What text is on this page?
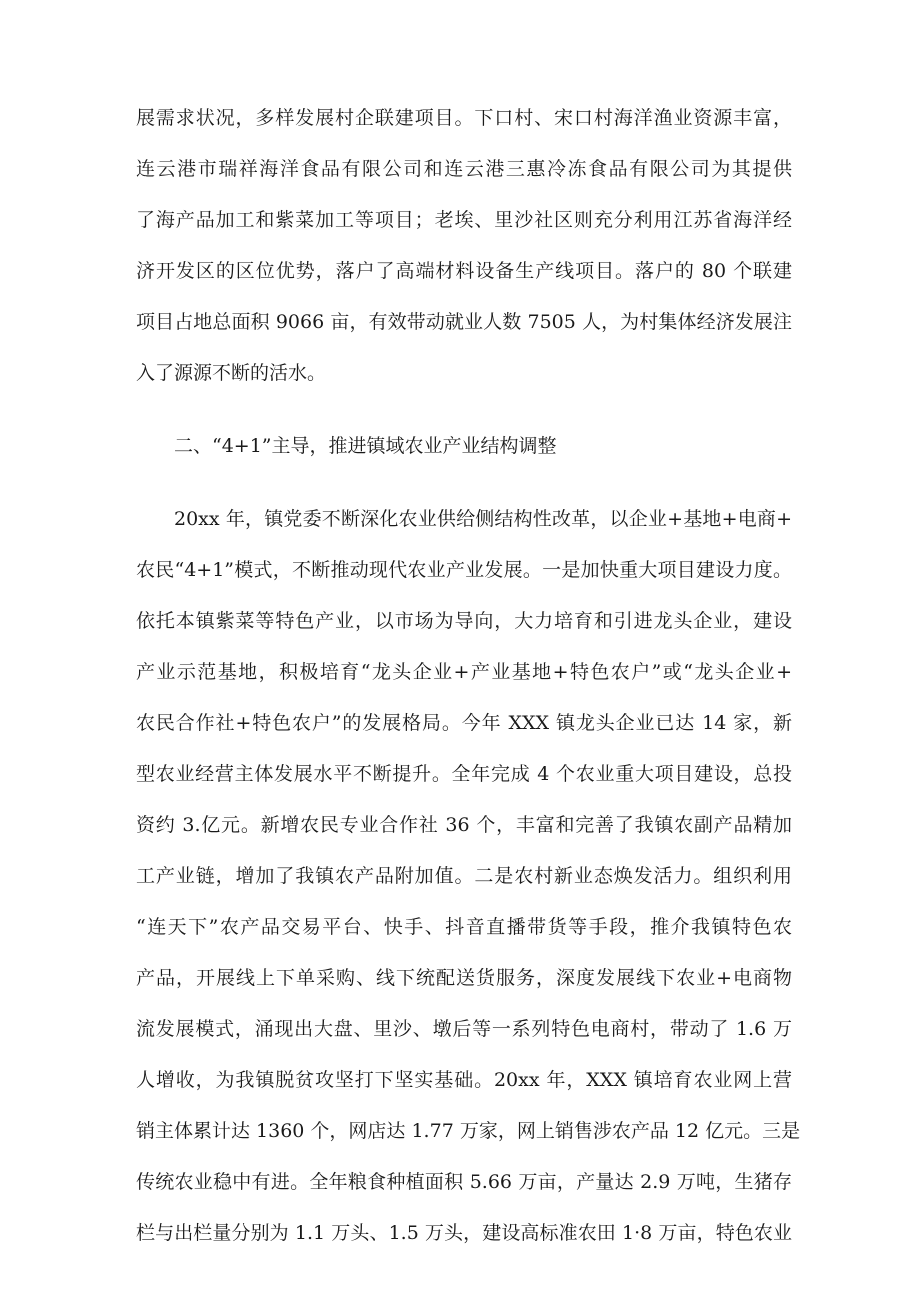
展需求状况，多样发展村企联建项目。下口村、宋口村海洋渔业资源丰富，
连云港市瑞祥海洋食品有限公司和连云港三惠冷冻食品有限公司为其提供
了海产品加工和紫菜加工等项目；老埃、里沙社区则充分利用江苏省海洋经
济开发区的区位优势，落户了高端材料设备生产线项目。落户的 80 个联建
项目占地总面积 9066 亩，有效带动就业人数 7505 人，为村集体经济发展注
入了源源不断的活水。
二、“4+1”主导，推进镇域农业产业结构调整
20xx 年，镇党委不断深化农业供给侧结构性改革，以企业+基地+电商+
农民“4+1”模式，不断推动现代农业产业发展。一是加快重大项目建设力度。
依托本镇紫菜等特色产业，以市场为导向，大力培育和引进龙头企业，建设
产业示范基地，积极培育“龙头企业+产业基地+特色农户”或“龙头企业+
农民合作社+特色农户”的发展格局。今年 XXX 镇龙头企业已达 14 家，新
型农业经营主体发展水平不断提升。全年完成 4 个农业重大项目建设，总投
资约 3.亿元。新增农民专业合作社 36 个，丰富和完善了我镇农副产品精加
工产业链，增加了我镇农产品附加值。二是农村新业态焕发活力。组织利用
“连天下”农产品交易平台、快手、抖音直播带货等手段，推介我镇特色农
产品，开展线上下单采购、线下统配送货服务，深度发展线下农业+电商物
流发展模式，涌现出大盘、里沙、墩后等一系列特色电商村，带动了 1.6 万
人增收，为我镇脱贫攻坚打下坚实基础。20xx 年，XXX 镇培育农业网上营
销主体累计达 1360 个，网店达 1.77 万家，网上销售涉农产品 12 亿元。三是
传统农业稳中有进。全年粮食种植面积 5.66 万亩，产量达 2.9 万吨，生猪存
栏与出栏量分别为 1.1 万头、1.5 万头，建设高标准农田 1·8 万亩，特色农业
